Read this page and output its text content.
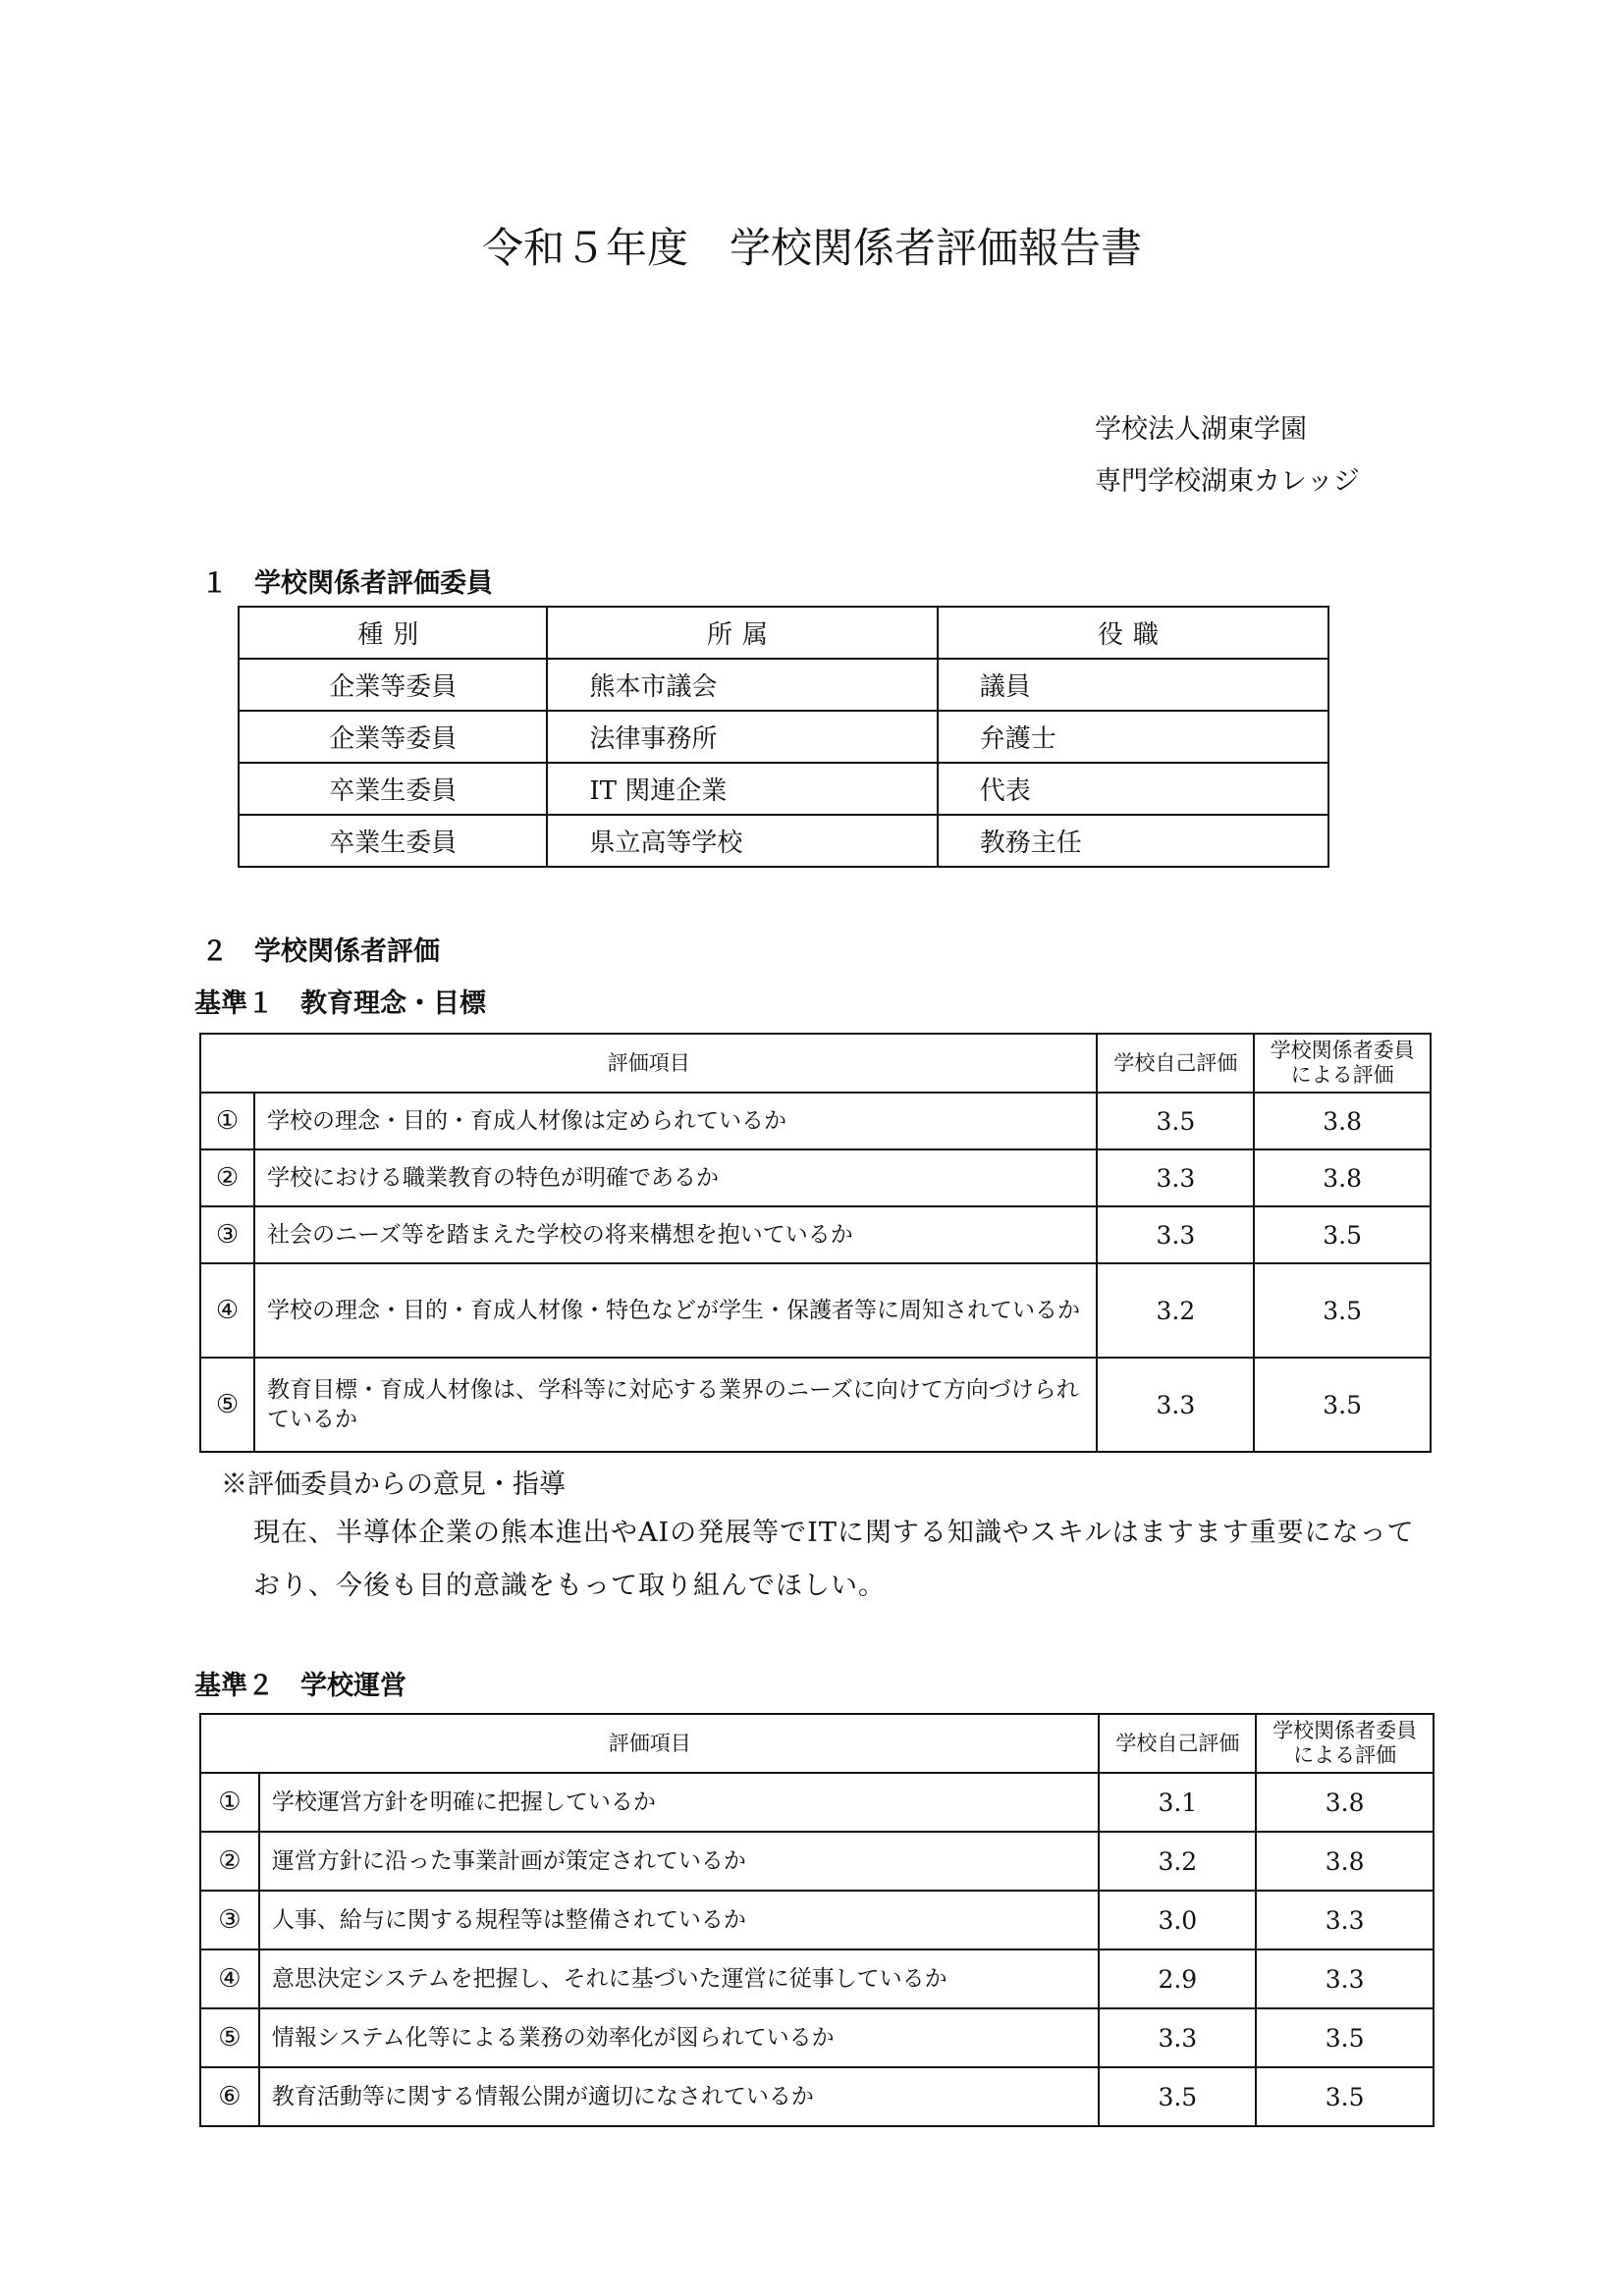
令和５年度　学校関係者評価報告書
学校法人湖東学園
専門学校湖東カレッジ
１　学校関係者評価委員
種別	所属	役職
企業等委員	熊本市議会	議員
企業等委員	法律事務所	弁護士
卒業生委員	IT 関連企業	代表
卒業生委員	県立高等学校	教務主任
２　学校関係者評価
基準１　教育理念・目標
評価項目		学校自己評価	学校関係者委員
による評価
①	学校の理念・目的・育成人材像は定められているか	3.5	3.8
②	学校における職業教育の特色が明確であるか	3.3	3.8
③	社会のニーズ等を踏まえた学校の将来構想を抱いているか	3.3	3.5
④	学校の理念・目的・育成人材像・特色などが学生・保護者等に周知されているか	3.2	3.5
⑤	教育目標・育成人材像は、学科等に対応する業界のニーズに向けて方向づけられているか	3.3	3.5
※評価委員からの意見・指導
現在、半導体企業の熊本進出やAIの発展等でITに関する知識やスキルはますます重要になっており、今後も目的意識をもって取り組んでほしい。
基準２　学校運営
評価項目		学校自己評価	学校関係者委員
による評価
①	学校運営方針を明確に把握しているか	3.1	3.8
②	運営方針に沿った事業計画が策定されているか	3.2	3.8
③	人事、給与に関する規程等は整備されているか	3.0	3.3
④	意思決定システムを把握し、それに基づいた運営に従事しているか	2.9	3.3
⑤	情報システム化等による業務の効率化が図られているか	3.3	3.5
⑥	教育活動等に関する情報公開が適切になされているか	3.5	3.5
